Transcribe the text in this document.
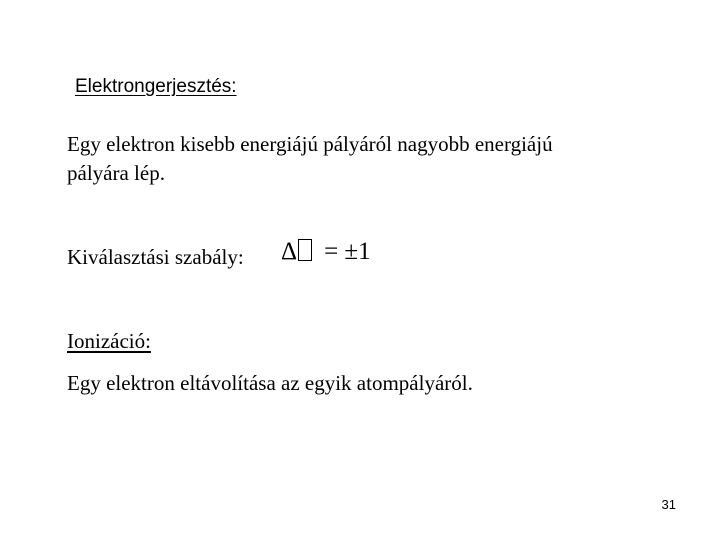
Elektrongerjesztés:
Egy elektron kisebb energiájú pályáról nagyobb energiájú
pályára lép.
Kiválasztási szabály: Δ = ±1
Ionizáció:
Egy elektron eltávolítása az egyik atompályáról.
31
